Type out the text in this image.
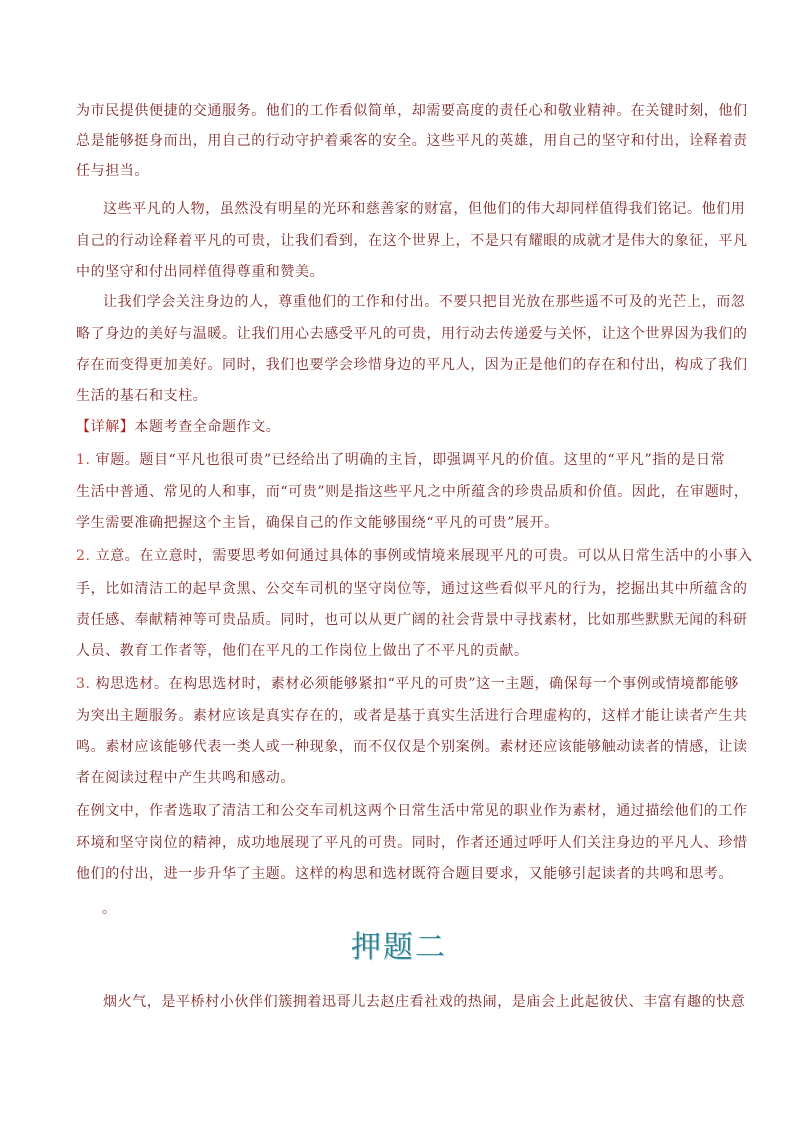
为市民提供便捷的交通服务。他们的工作看似简单，却需要高度的责任心和敬业精神。在关键时刻，他们
总是能够挺身而出，用自己的行动守护着乘客的安全。这些平凡的英雄，用自己的坚守和付出，诠释着责
任与担当。
这些平凡的人物，虽然没有明星的光环和慈善家的财富，但他们的伟大却同样值得我们铭记。他们用
自己的行动诠释着平凡的可贵，让我们看到，在这个世界上，不是只有耀眼的成就才是伟大的象征，平凡
中的坚守和付出同样值得尊重和赞美。
让我们学会关注身边的人，尊重他们的工作和付出。不要只把目光放在那些遥不可及的光芒上，而忽
略了身边的美好与温暖。让我们用心去感受平凡的可贵，用行动去传递爱与关怀，让这个世界因为我们的
存在而变得更加美好。同时，我们也要学会珍惜身边的平凡人，因为正是他们的存在和付出，构成了我们
生活的基石和支柱。
【详解】本题考查全命题作文。
1. 审题。题目“平凡也很可贵”已经给出了明确的主旨，即强调平凡的价值。这里的“平凡”指的是日常
生活中普通、常见的人和事，而“可贵”则是指这些平凡之中所蕴含的珍贵品质和价值。因此，在审题时，
学生需要准确把握这个主旨，确保自己的作文能够围绕“平凡的可贵”展开。
2. 立意。在立意时，需要思考如何通过具体的事例或情境来展现平凡的可贵。可以从日常生活中的小事入
手，比如清洁工的起早贪黑、公交车司机的坚守岗位等，通过这些看似平凡的行为，挖掘出其中所蕴含的
责任感、奉献精神等可贵品质。同时，也可以从更广阔的社会背景中寻找素材，比如那些默默无闻的科研
人员、教育工作者等，他们在平凡的工作岗位上做出了不平凡的贡献。
3. 构思选材。在构思选材时，素材必须能够紧扣“平凡的可贵”这一主题，确保每一个事例或情境都能够
为突出主题服务。素材应该是真实存在的，或者是基于真实生活进行合理虚构的，这样才能让读者产生共
鸣。素材应该能够代表一类人或一种现象，而不仅仅是个别案例。素材还应该能够触动读者的情感，让读
者在阅读过程中产生共鸣和感动。
在例文中，作者选取了清洁工和公交车司机这两个日常生活中常见的职业作为素材，通过描绘他们的工作
环境和坚守岗位的精神，成功地展现了平凡的可贵。同时，作者还通过呼吁人们关注身边的平凡人、珍惜
他们的付出，进一步升华了主题。这样的构思和选材既符合题目要求，又能够引起读者的共鸣和思考。
。
押题二
烟火气，是平桥村小伙伴们簇拥着迅哥儿去赵庄看社戏的热闹，是庙会上此起彼伏、丰富有趣的快意
